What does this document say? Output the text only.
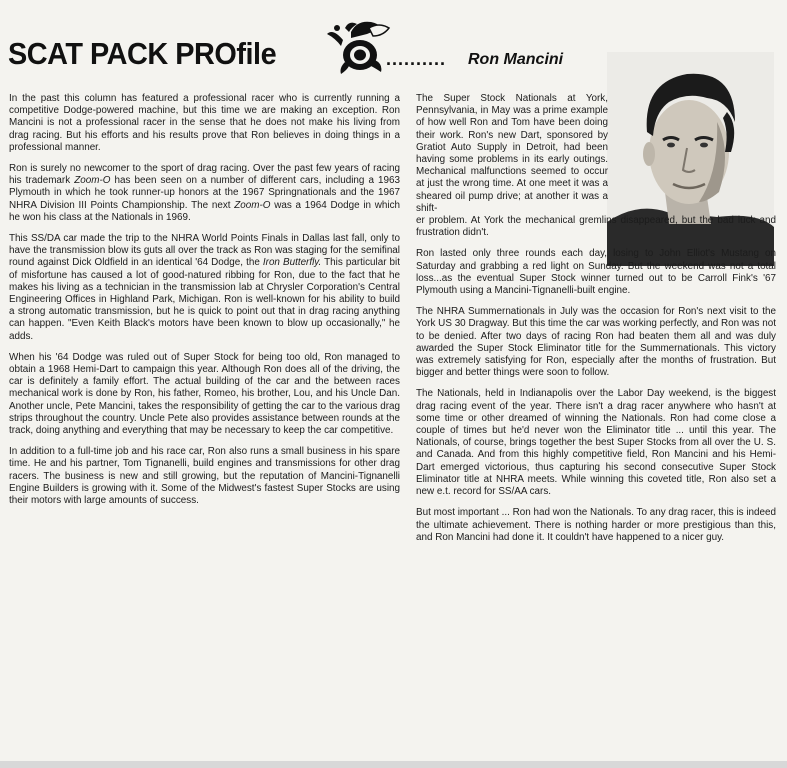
SCAT PACK PROfile	.......... Ron Mancini

In the past this column has featured a professional racer who is currently running a competitive Dodge-powered machine, but this time we are making an exception. Ron Mancini is not a professional racer in the sense that he does not make his living from drag racing. But his efforts and his results prove that Ron believes in doing things in a professional manner.

Ron is surely no newcomer to the sport of drag racing. Over the past few years of racing his trademark Zoom-O has been seen on a number of different cars, including a 1963 Plymouth in which he took runner-up honors at the 1967 Springnationals and the 1967 NHRA Division III Points Championship. The next Zoom-O was a 1964 Dodge in which he won his class at the Nationals in 1969.

This SS/DA car made the trip to the NHRA World Points Finals in Dallas last fall, only to have the transmission blow its guts all over the track as Ron was staging for the semifinal round against Dick Oldfield in an identical '64 Dodge, the Iron Butterfly. This particular bit of misfortune has caused a lot of good-natured ribbing for Ron, due to the fact that he makes his living as a technician in the transmission lab at Chrysler Corporation's Central Engineering Offices in Highland Park, Michigan. Ron is well-known for his ability to build a strong automatic transmission, but he is quick to point out that in drag racing anything can happen. "Even Keith Black's motors have been known to blow up occasionally," he adds.

When his '64 Dodge was ruled out of Super Stock for being too old, Ron managed to obtain a 1968 Hemi-Dart to campaign this year. Although Ron does all of the driving, the car is definitely a family effort. The actual building of the car and the between races mechanical work is done by Ron, his father, Romeo, his brother, Lou, and his Uncle Dan. Another uncle, Pete Mancini, takes the responsibility of getting the car to the various drag strips throughout the country. Uncle Pete also provides assistance between rounds at the track, doing anything and everything that may be necessary to keep the car competitive.

In addition to a full-time job and his race car, Ron also runs a small business in his spare time. He and his partner, Tom Tignanelli, build engines and transmissions for other drag racers. The business is new and still growing, but the reputation of Mancini-Tignanelli Engine Builders is growing with it. Some of the Midwest's fastest Super Stocks are using their motors with large amounts of success.

The Super Stock Nationals at York, Pennsylvania, in May was a prime example of how well Ron and Tom have been doing their work. Ron's new Dart, sponsored by Gratiot Auto Supply in Detroit, had been having some problems in its early outings. Mechanical malfunctions seemed to occur at just the wrong time. At one meet it was a sheared oil pump drive; at another it was a shift-

er problem. At York the mechanical gremlins disappeared, but the bad luck and frustration didn't.

Ron lasted only three rounds each day, losing to John Elliot's Mustang on Saturday and grabbing a red light on Sunday. But the weekend was not a total loss...as the eventual Super Stock winner turned out to be Carroll Fink's '67 Plymouth using a Mancini-Tignanelli-built engine.

The NHRA Summernationals in July was the occasion for Ron's next visit to the York US 30 Dragway. But this time the car was working perfectly, and Ron was not to be denied. After two days of racing Ron had beaten them all and was duly awarded the Super Stock Eliminator title for the Summernationals. This victory was extremely satisfying for Ron, especially after the months of frustration. But bigger and better things were soon to follow.

The Nationals, held in Indianapolis over the Labor Day weekend, is the biggest drag racing event of the year. There isn't a drag racer anywhere who hasn't at some time or other dreamed of winning the Nationals. Ron had come close a couple of times but he'd never won the Eliminator title ... until this year. The Nationals, of course, brings together the best Super Stocks from all over the U. S. and Canada. And from this highly competitive field, Ron Mancini and his Hemi-Dart emerged victorious, thus capturing his second consecutive Super Stock Eliminator title at NHRA meets. While winning this coveted title, Ron also set a new e.t. record for SS/AA cars.

But most important ... Ron had won the Nationals. To any drag racer, this is indeed the ultimate achievement. There is nothing harder or more prestigious than this, and Ron Mancini had done it. It couldn't have happened to a nicer guy.
